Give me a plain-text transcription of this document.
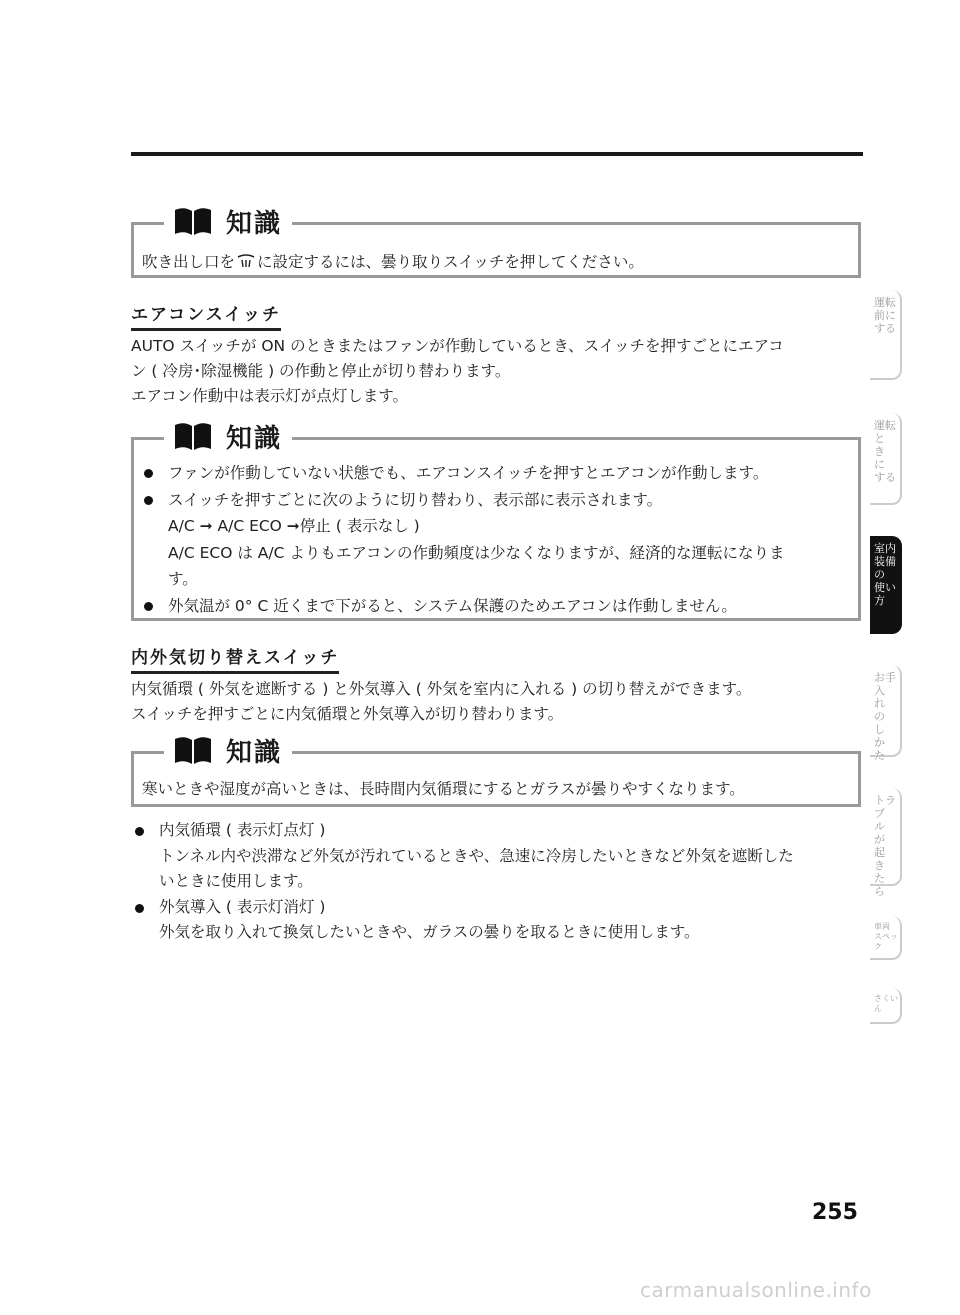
知識

吹き出し口を に設定するには、曇り取りスイッチを押してください。

エアコンスイッチ

AUTO スイッチが ON のときまたはファンが作動しているとき、スイッチを押すごとにエアコ

ン ( 冷房･除湿機能 ) の作動と停止が切り替わります。

エアコン作動中は表示灯が点灯します。

知識
ファンが作動していない状態でも、エアコンスイッチを押すとエアコンが作動します。
スイッチを押すごとに次のように切り替わり、表示部に表示されます。
A/C ➞ A/C ECO ➞停止 ( 表示なし )
A/C ECO は A/C よりもエアコンの作動頻度は少なくなりますが、経済的な運転になりま
す。
外気温が 0° C 近くまで下がると、システム保護のためエアコンは作動しません。
内外気切り替えスイッチ

内気循環 ( 外気を遮断する ) と外気導入 ( 外気を室内に入れる ) の切り替えができます。

スイッチを押すごとに内気循環と外気導入が切り替わります。

知識

寒いときや湿度が高いときは、長時間内気循環にするとガラスが曇りやすくなります。

内気循環 ( 表示灯点灯 )
トンネル内や渋滞など外気が汚れているときや、急速に冷房したいときなど外気を遮断した
いときに使用します。
外気導入 ( 表示灯消灯 )
外気を取り入れて換気したいときや、ガラスの曇りを取るときに使用します。
運転前に する
運転と き に する
室内 装備 の 使い 方
お手 入 れ の し か た
トラブ ル が 起 き た ら
車両 スペック
さくいん
255
carmanualsonline.info
